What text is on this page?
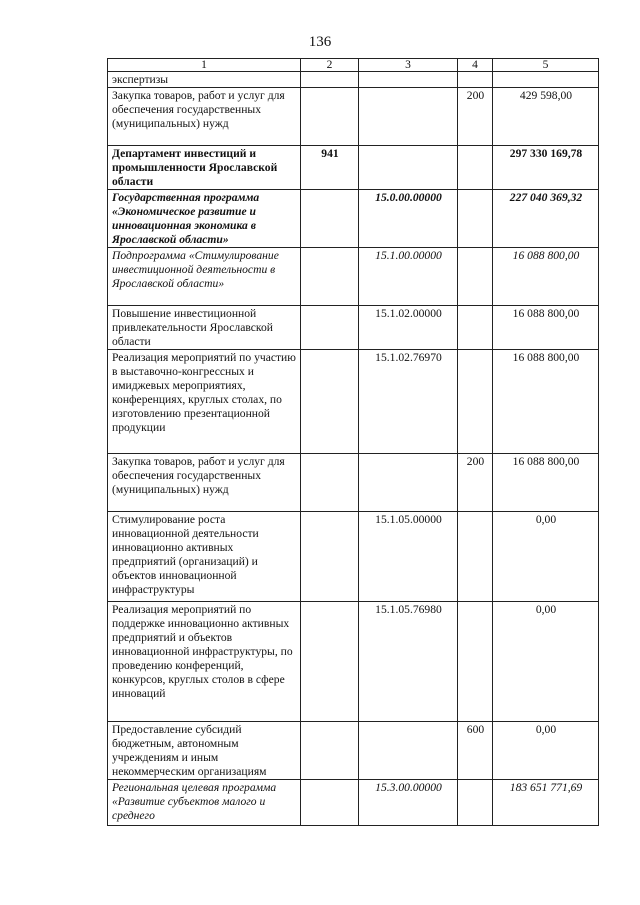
136
1	2	3	4	5
экспертизы				
Закупка товаров, работ и услуг для обеспечения государственных (муниципальных) нужд			200	429 598,00
Департамент инвестиций и промышленности Ярославской области	941			297 330 169,78
Государственная программа «Экономическое развитие и инновационная экономика в Ярославской области»		15.0.00.00000		227 040 369,32
Подпрограмма «Стимулирование инвестиционной деятельности в Ярославской области»		15.1.00.00000		16 088 800,00
Повышение инвестиционной привлекательности Ярославской области		15.1.02.00000		16 088 800,00
Реализация мероприятий по участию в выставочно-конгрессных и имиджевых мероприятиях, конференциях, круглых столах, по изготовлению презентационной продукции		15.1.02.76970		16 088 800,00
Закупка товаров, работ и услуг для обеспечения государственных (муниципальных) нужд			200	16 088 800,00
Стимулирование роста инновационной деятельности инновационно активных предприятий (организаций) и объектов инновационной инфраструктуры		15.1.05.00000		0,00
Реализация мероприятий по поддержке инновационно активных предприятий и объектов инновационной инфраструктуры, по проведению конференций, конкурсов, круглых столов в сфере инноваций		15.1.05.76980		0,00
Предоставление субсидий бюджетным, автономным учреждениям и иным некоммерческим организациям			600	0,00
Региональная целевая программа «Развитие субъектов малого и среднего		15.3.00.00000		183 651 771,69
